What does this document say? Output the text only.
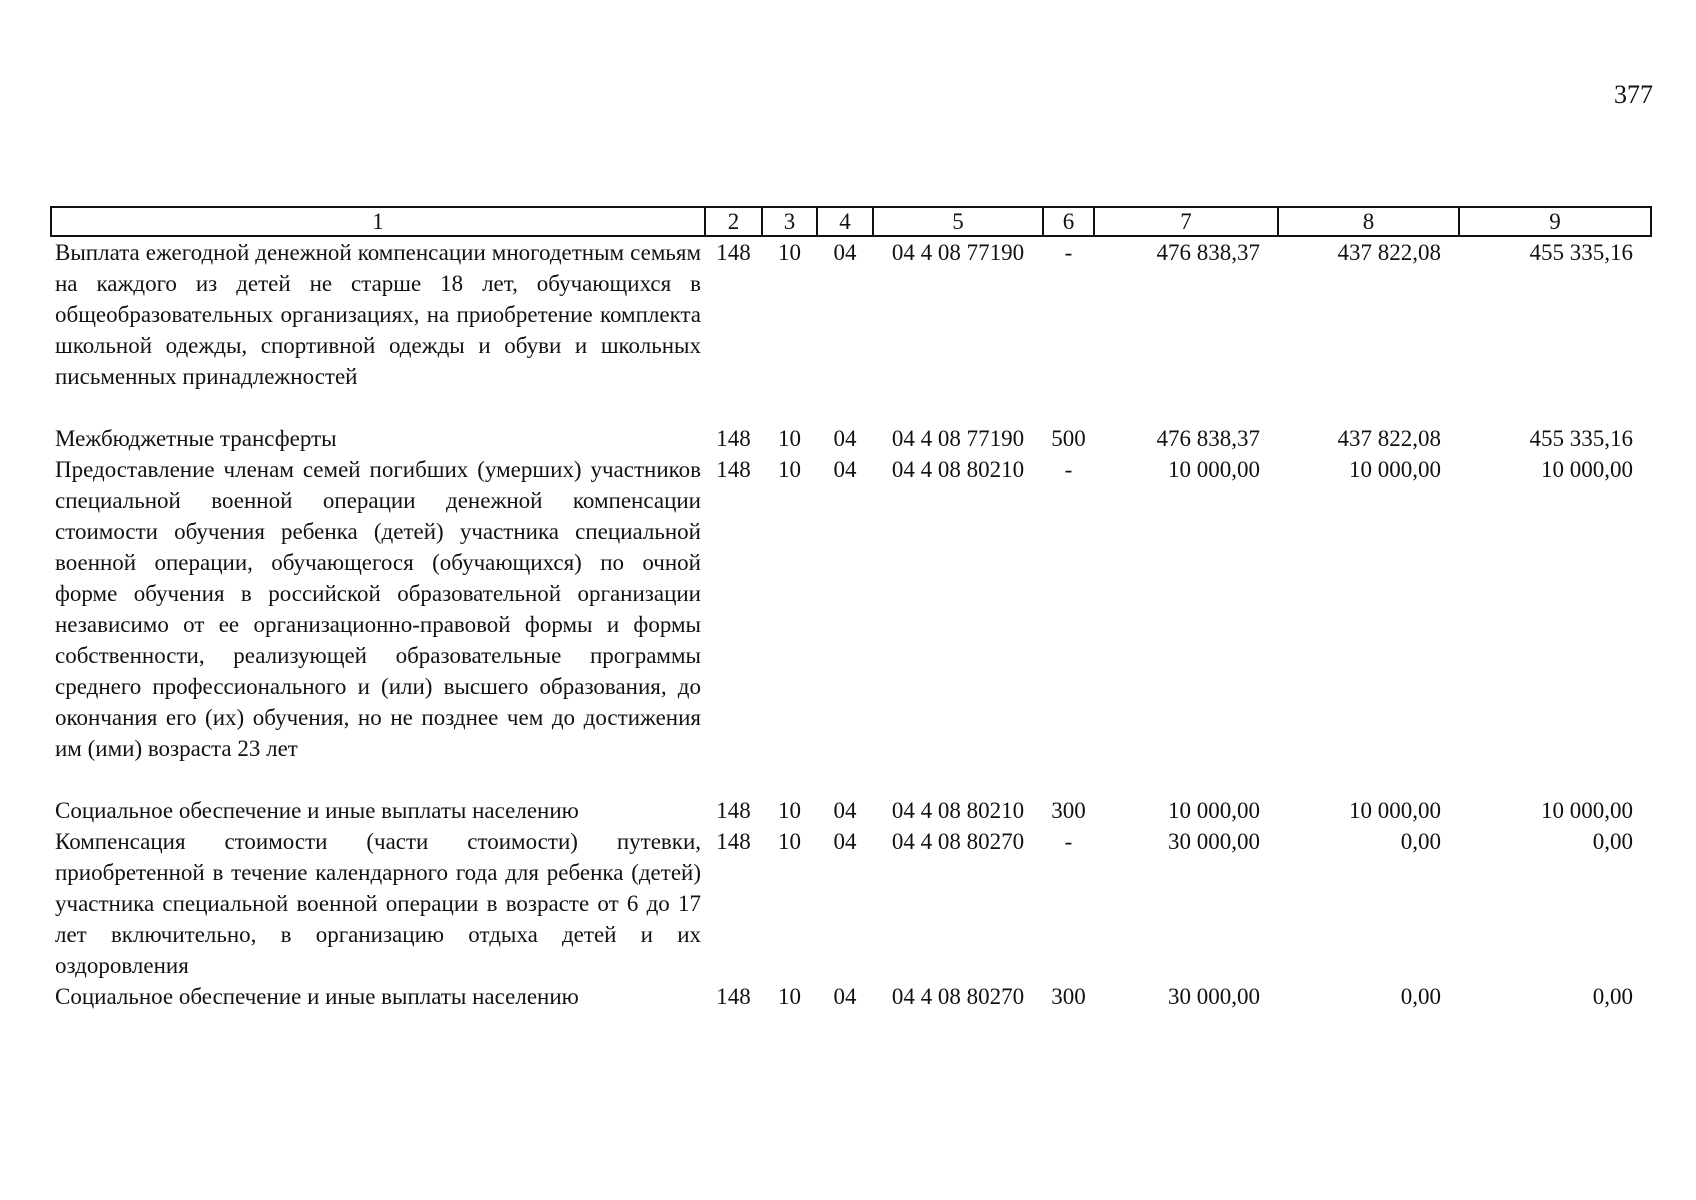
377
1	2	3	4	5	6	7	8	9
Выплата ежегодной денежной компенсации многодетным семьям на каждого из детей не старше 18 лет, обучающихся в общеобразовательных организациях, на приобретение комплекта школьной одежды, спортивной одежды и обуви и школьных письменных принадлежностей	148	10	04	04 4 08 77190	-	476 838,37	437 822,08	455 335,16
Межбюджетные трансферты	148	10	04	04 4 08 77190	500	476 838,37	437 822,08	455 335,16
Предоставление членам семей погибших (умерших) участников специальной военной операции денежной компенсации стоимости обучения ребенка (детей) участника специальной военной операции, обучающегося (обучающихся) по очной форме обучения в российской образовательной организации независимо от ее организационно-правовой формы и формы собственности, реализующей образовательные программы среднего профессионального и (или) высшего образования, до окончания его (их) обучения, но не позднее чем до достижения им (ими) возраста 23 лет	148	10	04	04 4 08 80210	-	10 000,00	10 000,00	10 000,00
Социальное обеспечение и иные выплаты населению	148	10	04	04 4 08 80210	300	10 000,00	10 000,00	10 000,00
Компенсация стоимости (части стоимости) путевки, приобретенной в течение календарного года для ребенка (детей) участника специальной военной операции в возрасте от 6 до 17 лет включительно, в организацию отдыха детей и их оздоровления	148	10	04	04 4 08 80270	-	30 000,00	0,00	0,00
Социальное обеспечение и иные выплаты населению	148	10	04	04 4 08 80270	300	30 000,00	0,00	0,00
